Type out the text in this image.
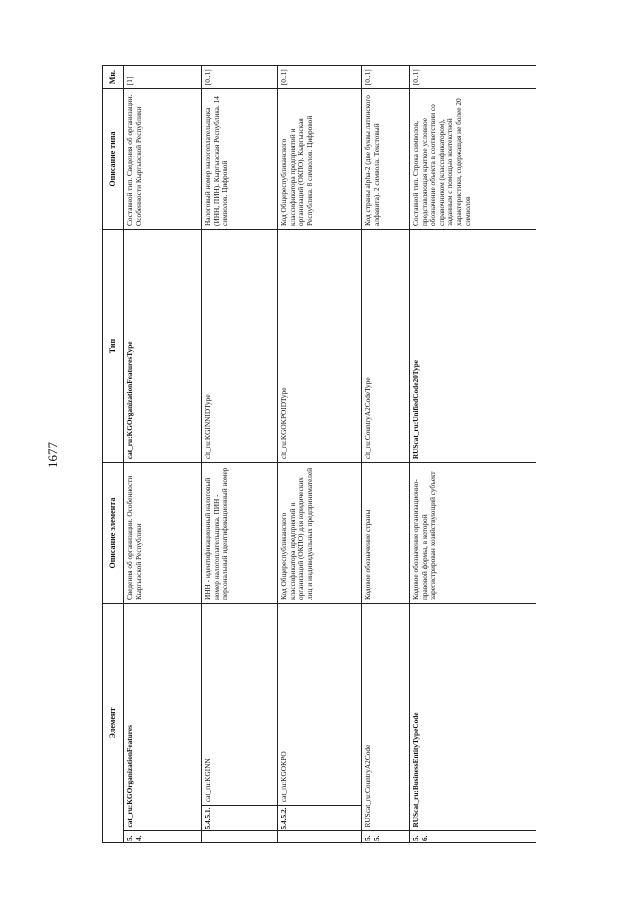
1677
Элемент			Описание элемента	Тип	Описание типа	Мн.
5.4.	cat_ru:KGOrganizationFeatures		Сведения об организации. Особенности Кыргызской Республики	cat_ru:KGOrganizationFeaturesType	Составной тип. Сведения об организации. Особенности Кыргызской Республики	[1]
	5.4.5.1.	cat_ru:KGINN	ИНН - идентификационный налоговый номер налогоплательщика. ПИН - персональный идентификационный номер	clt_ru:KGINNIDType	Налоговый номер налогоплательщика (ИНН, ПИН). Кыргызская Республика. 14 символов. Цифровой	[0..1]
	5.4.5.2.	cat_ru:KGOKPO	Код Общереспубликанского классификатора предприятий и организаций (ОКПО) для юридических лиц и индивидуальных предпринимателей	clt_ru:KGOKPOIDType	Код Общереспубликанского классификатора предприятий и организаций (ОКПО). Кыргызская Республика. 8 символов. Цифровой	[0..1]
5.5.	RUScat_ru:CountryA2Code		Кодовое обозначение страны	clt_ru:CountryA2CodeType	Код страны alpha-2 (две буквы латинского алфавита). 2 символа. Текстовый	[0..1]
5.6.	RUScat_ru:BusinessEntityTypeCode		Кодовое обозначение организационно-правовой формы, в которой зарегистрирован хозяйствующий субъект	RUScat_ru:UnifiedCode20Type	Составной тип. Строка символов, представляющая краткое условное обозначение объекта в соответствии со справочником (классификатором), заданным с помощью контекстной характеристики, содержащая не более 20 символов	[0..1]
